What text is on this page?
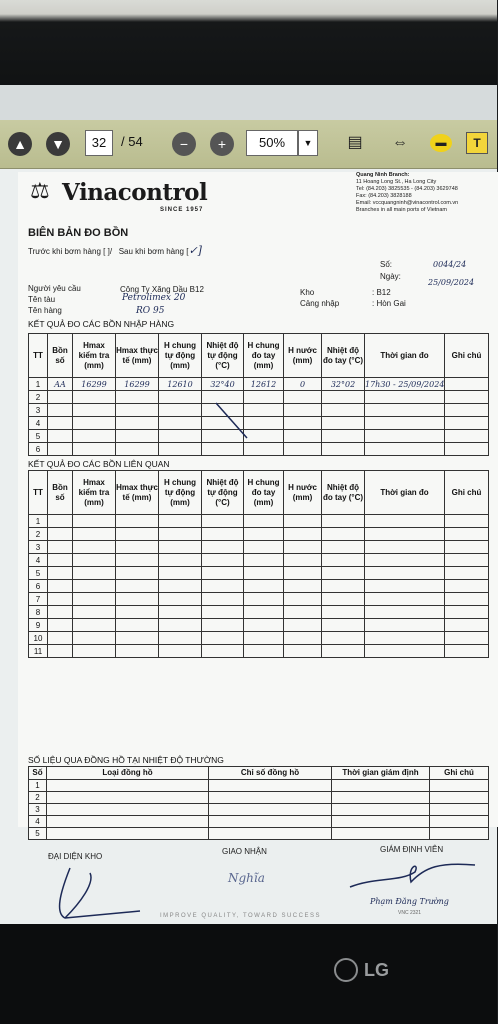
▲	▼	32	/ 54	−	+	50%	▼	▤ ⇔	▬	T
⚖ Vinacontrol
SINCE 1957
Quang Ninh Branch:
11 Hoang Long St., Ha Long City
Tel: (84.203) 3825535 - (84.203) 3629748
Fax: (84.203) 3828188
Email: vccquangninh@vinacontrol.com.vn
Branches in all main ports of Vietnam
BIÊN BẢN ĐO BỒN
Trước khi bơm hàng [ ]/ Sau khi bơm hàng [✓]
Số:	0044/24
Ngày:
25/09/2024
Người yêu cầu	Công Ty Xăng Dầu B12
Tên tàu	Petrolimex 20
Tên hàng	RO 95
Kho	: B12
Cảng nhập	: Hòn Gai
KẾT QUẢ ĐO CÁC BỒN NHẬP HÀNG
TT	Bồn số	Hmax kiểm tra (mm)	Hmax thực tế (mm)	H chung tự động (mm)	Nhiệt độ tự động (°C)	H chung đo tay (mm)	H nước (mm)	Nhiệt độ đo tay (°C)	Thời gian đo	Ghi chú
1	AA	16299	16299	12610	32°40	12612	0	32°02	17h30 - 25/09/2024	
2										
3										
4										
5										
6										
KẾT QUẢ ĐO CÁC BỒN LIÊN QUAN
TT	Bồn số	Hmax kiểm tra (mm)	Hmax thực tế (mm)	H chung tự động (mm)	Nhiệt độ tự động (°C)	H chung đo tay (mm)	H nước (mm)	Nhiệt độ đo tay (°C)	Thời gian đo	Ghi chú
1										
2										
3										
4										
5										
6										
7										
8										
9										
10										
11										
SỐ LIỆU QUA ĐỒNG HỒ TẠI NHIỆT ĐỘ THƯỜNG
Số	Loại đồng hồ	Chỉ số đồng hồ	Thời gian giám định	Ghi chú
1				
2				
3				
4				
5				
ĐẠI DIỆN KHO
GIAO NHẬN	GIÁM ĐỊNH VIÊN
Nghĩa
Phạm Đăng Trường
VNC 2321
IMPROVE QUALITY, TOWARD SUCCESS
LG
